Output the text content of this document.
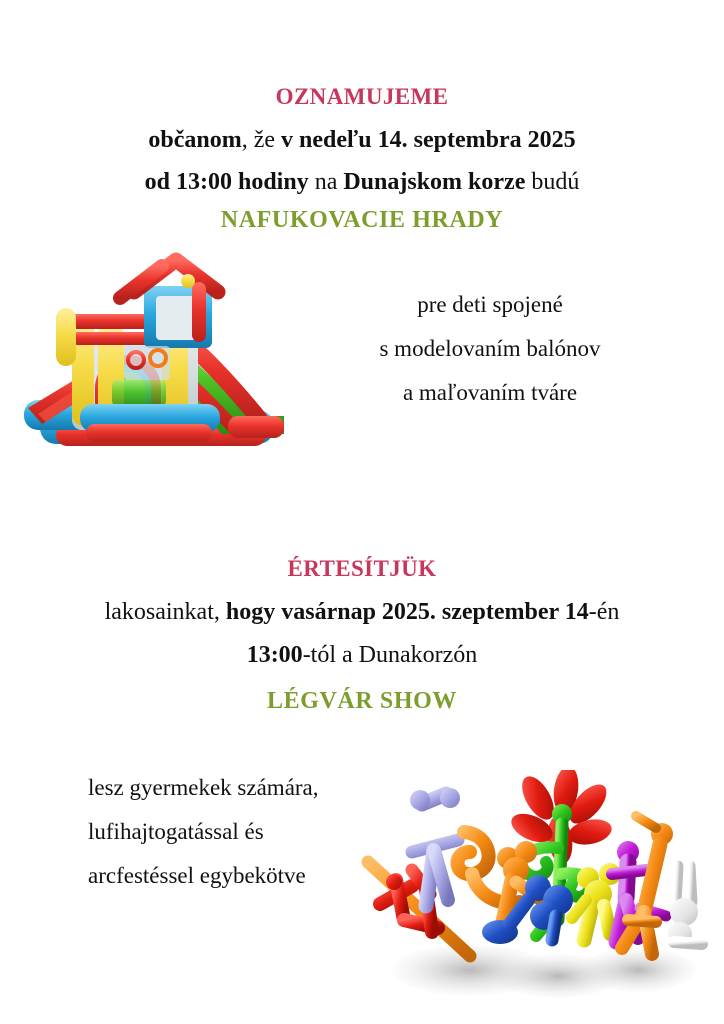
OZNAMUJEME
občanom, že v nedeľu 14. septembra 2025
od 13:00 hodiny na Dunajskom korze budú
NAFUKOVACIE HRADY
pre deti spojené
s modelovaním balónov
a maľovaním tváre
ÉRTESÍTJÜK
lakosainkat, hogy vasárnap 2025. szeptember 14-én
13:00-tól a Dunakorzón
LÉGVÁR SHOW
lesz gyermekek számára,
lufihajtogatással és
arcfestéssel egybekötve
